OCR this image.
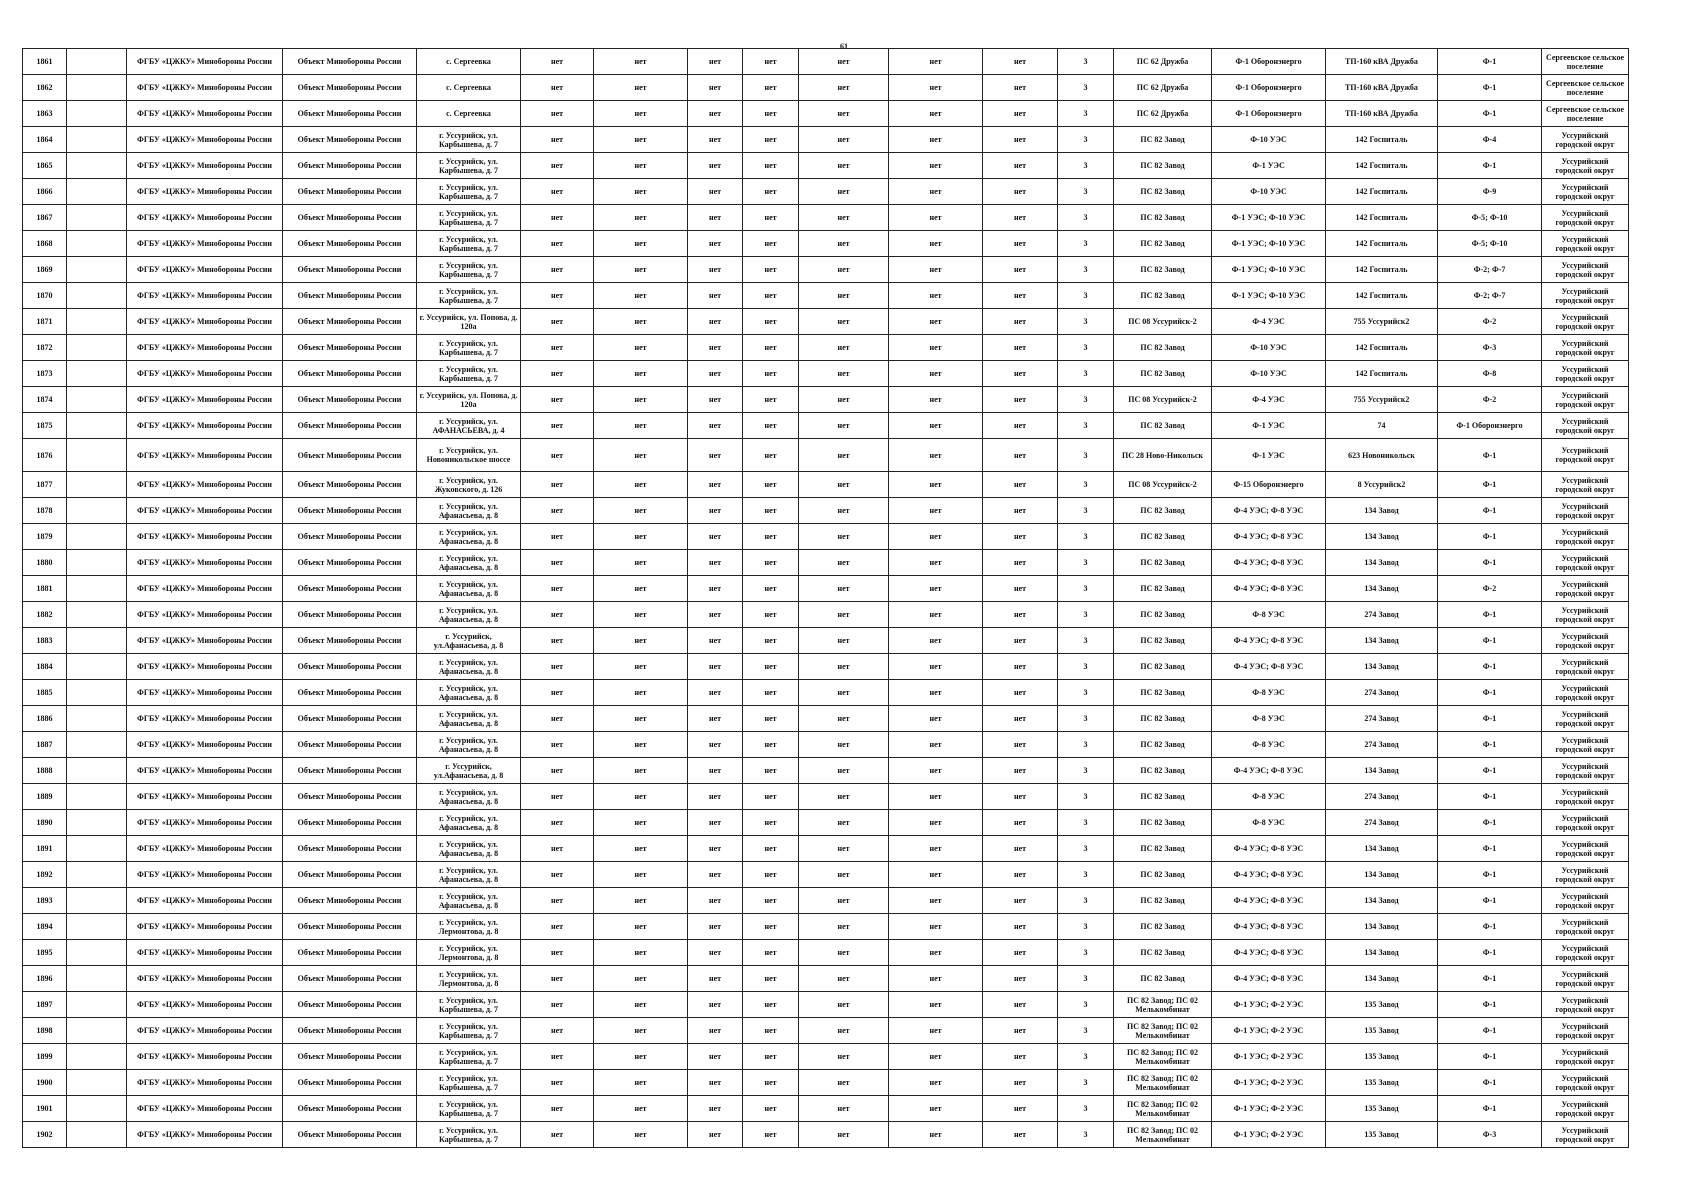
61
1861		ФГБУ «ЦЖКУ» Минобороны России	Объект Минобороны России	с. Сергеевка	нет	нет	нет	нет	нет	нет	нет	3	ПС 62 Дружба	Ф-1 Оборонэнерго	ТП-160 кВА Дружба	Ф-1	Сергеевское сельское поселение
1862		ФГБУ «ЦЖКУ» Минобороны России	Объект Минобороны России	с. Сергеевка	нет	нет	нет	нет	нет	нет	нет	3	ПС 62 Дружба	Ф-1 Оборонэнерго	ТП-160 кВА Дружба	Ф-1	Сергеевское сельское поселение
1863		ФГБУ «ЦЖКУ» Минобороны России	Объект Минобороны России	с. Сергеевка	нет	нет	нет	нет	нет	нет	нет	3	ПС 62 Дружба	Ф-1 Оборонэнерго	ТП-160 кВА Дружба	Ф-1	Сергеевское сельское поселение
1864		ФГБУ «ЦЖКУ» Минобороны России	Объект Минобороны России	г. Уссурийск, ул. Карбышева, д. 7	нет	нет	нет	нет	нет	нет	нет	3	ПС 82 Завод	Ф-10 УЭС	142 Госпиталь	Ф-4	Уссурийский городской округ
1865		ФГБУ «ЦЖКУ» Минобороны России	Объект Минобороны России	г. Уссурийск, ул. Карбышева, д. 7	нет	нет	нет	нет	нет	нет	нет	3	ПС 82 Завод	Ф-1 УЭС	142 Госпиталь	Ф-1	Уссурийский городской округ
1866		ФГБУ «ЦЖКУ» Минобороны России	Объект Минобороны России	г. Уссурийск, ул. Карбышева, д. 7	нет	нет	нет	нет	нет	нет	нет	3	ПС 82 Завод	Ф-10 УЭС	142 Госпиталь	Ф-9	Уссурийский городской округ
1867		ФГБУ «ЦЖКУ» Минобороны России	Объект Минобороны России	г. Уссурийск, ул. Карбышева, д. 7	нет	нет	нет	нет	нет	нет	нет	3	ПС 82 Завод	Ф-1 УЭС; Ф-10 УЭС	142 Госпиталь	Ф-5; Ф-10	Уссурийский городской округ
1868		ФГБУ «ЦЖКУ» Минобороны России	Объект Минобороны России	г. Уссурийск, ул. Карбышева, д. 7	нет	нет	нет	нет	нет	нет	нет	3	ПС 82 Завод	Ф-1 УЭС; Ф-10 УЭС	142 Госпиталь	Ф-5; Ф-10	Уссурийский городской округ
1869		ФГБУ «ЦЖКУ» Минобороны России	Объект Минобороны России	г. Уссурийск, ул. Карбышева, д. 7	нет	нет	нет	нет	нет	нет	нет	3	ПС 82 Завод	Ф-1 УЭС; Ф-10 УЭС	142 Госпиталь	Ф-2; Ф-7	Уссурийский городской округ
1870		ФГБУ «ЦЖКУ» Минобороны России	Объект Минобороны России	г. Уссурийск, ул. Карбышева, д. 7	нет	нет	нет	нет	нет	нет	нет	3	ПС 82 Завод	Ф-1 УЭС; Ф-10 УЭС	142 Госпиталь	Ф-2; Ф-7	Уссурийский городской округ
1871		ФГБУ «ЦЖКУ» Минобороны России	Объект Минобороны России	г. Уссурийск, ул. Попова, д. 120а	нет	нет	нет	нет	нет	нет	нет	3	ПС 08 Уссурийск-2	Ф-4 УЭС	755 Уссурийск2	Ф-2	Уссурийский городской округ
1872		ФГБУ «ЦЖКУ» Минобороны России	Объект Минобороны России	г. Уссурийск, ул. Карбышева, д. 7	нет	нет	нет	нет	нет	нет	нет	3	ПС 82 Завод	Ф-10 УЭС	142 Госпиталь	Ф-3	Уссурийский городской округ
1873		ФГБУ «ЦЖКУ» Минобороны России	Объект Минобороны России	г. Уссурийск, ул. Карбышева, д. 7	нет	нет	нет	нет	нет	нет	нет	3	ПС 82 Завод	Ф-10 УЭС	142 Госпиталь	Ф-8	Уссурийский городской округ
1874		ФГБУ «ЦЖКУ» Минобороны России	Объект Минобороны России	г. Уссурийск, ул. Попова, д. 120а	нет	нет	нет	нет	нет	нет	нет	3	ПС 08 Уссурийск-2	Ф-4 УЭС	755 Уссурийск2	Ф-2	Уссурийский городской округ
1875		ФГБУ «ЦЖКУ» Минобороны России	Объект Минобороны России	г. Уссурийск, ул. АФАНАСЬЕВА, д. 4	нет	нет	нет	нет	нет	нет	нет	3	ПС 82 Завод	Ф-1 УЭС	74	Ф-1 Оборонэнерго	Уссурийский городской округ
1876		ФГБУ «ЦЖКУ» Минобороны России	Объект Минобороны России	г. Уссурийск, ул. Новоникольское шоссе	нет	нет	нет	нет	нет	нет	нет	3	ПС 28 Ново-Никольск	Ф-1 УЭС	623 Новоникольск	Ф-1	Уссурийский городской округ
1877		ФГБУ «ЦЖКУ» Минобороны России	Объект Минобороны России	г. Уссурийск, ул. Жуковского, д. 126	нет	нет	нет	нет	нет	нет	нет	3	ПС 08 Уссурийск-2	Ф-15 Оборонэнерго	8 Уссурийск2	Ф-1	Уссурийский городской округ
1878		ФГБУ «ЦЖКУ» Минобороны России	Объект Минобороны России	г. Уссурийск, ул. Афанасьева, д. 8	нет	нет	нет	нет	нет	нет	нет	3	ПС 82 Завод	Ф-4 УЭС; Ф-8 УЭС	134 Завод	Ф-1	Уссурийский городской округ
1879		ФГБУ «ЦЖКУ» Минобороны России	Объект Минобороны России	г. Уссурийск, ул. Афанасьева, д. 8	нет	нет	нет	нет	нет	нет	нет	3	ПС 82 Завод	Ф-4 УЭС; Ф-8 УЭС	134 Завод	Ф-1	Уссурийский городской округ
1880		ФГБУ «ЦЖКУ» Минобороны России	Объект Минобороны России	г. Уссурийск, ул. Афанасьева, д. 8	нет	нет	нет	нет	нет	нет	нет	3	ПС 82 Завод	Ф-4 УЭС; Ф-8 УЭС	134 Завод	Ф-1	Уссурийский городской округ
1881		ФГБУ «ЦЖКУ» Минобороны России	Объект Минобороны России	г. Уссурийск, ул. Афанасьева, д. 8	нет	нет	нет	нет	нет	нет	нет	3	ПС 82 Завод	Ф-4 УЭС; Ф-8 УЭС	134 Завод	Ф-2	Уссурийский городской округ
1882		ФГБУ «ЦЖКУ» Минобороны России	Объект Минобороны России	г. Уссурийск, ул. Афанасьева, д. 8	нет	нет	нет	нет	нет	нет	нет	3	ПС 82 Завод	Ф-8 УЭС	274 Завод	Ф-1	Уссурийский городской округ
1883		ФГБУ «ЦЖКУ» Минобороны России	Объект Минобороны России	г. Уссурийск, ул.Афанасьева, д. 8	нет	нет	нет	нет	нет	нет	нет	3	ПС 82 Завод	Ф-4 УЭС; Ф-8 УЭС	134 Завод	Ф-1	Уссурийский городской округ
1884		ФГБУ «ЦЖКУ» Минобороны России	Объект Минобороны России	г. Уссурийск, ул. Афанасьева, д. 8	нет	нет	нет	нет	нет	нет	нет	3	ПС 82 Завод	Ф-4 УЭС; Ф-8 УЭС	134 Завод	Ф-1	Уссурийский городской округ
1885		ФГБУ «ЦЖКУ» Минобороны России	Объект Минобороны России	г. Уссурийск, ул. Афанасьева, д. 8	нет	нет	нет	нет	нет	нет	нет	3	ПС 82 Завод	Ф-8 УЭС	274 Завод	Ф-1	Уссурийский городской округ
1886		ФГБУ «ЦЖКУ» Минобороны России	Объект Минобороны России	г. Уссурийск, ул. Афанасьева, д. 8	нет	нет	нет	нет	нет	нет	нет	3	ПС 82 Завод	Ф-8 УЭС	274 Завод	Ф-1	Уссурийский городской округ
1887		ФГБУ «ЦЖКУ» Минобороны России	Объект Минобороны России	г. Уссурийск, ул. Афанасьева, д. 8	нет	нет	нет	нет	нет	нет	нет	3	ПС 82 Завод	Ф-8 УЭС	274 Завод	Ф-1	Уссурийский городской округ
1888		ФГБУ «ЦЖКУ» Минобороны России	Объект Минобороны России	г. Уссурийск, ул.Афанасьева, д. 8	нет	нет	нет	нет	нет	нет	нет	3	ПС 82 Завод	Ф-4 УЭС; Ф-8 УЭС	134 Завод	Ф-1	Уссурийский городской округ
1889		ФГБУ «ЦЖКУ» Минобороны России	Объект Минобороны России	г. Уссурийск, ул. Афанасьева, д. 8	нет	нет	нет	нет	нет	нет	нет	3	ПС 82 Завод	Ф-8 УЭС	274 Завод	Ф-1	Уссурийский городской округ
1890		ФГБУ «ЦЖКУ» Минобороны России	Объект Минобороны России	г. Уссурийск, ул. Афанасьева, д. 8	нет	нет	нет	нет	нет	нет	нет	3	ПС 82 Завод	Ф-8 УЭС	274 Завод	Ф-1	Уссурийский городской округ
1891		ФГБУ «ЦЖКУ» Минобороны России	Объект Минобороны России	г. Уссурийск, ул. Афанасьева, д. 8	нет	нет	нет	нет	нет	нет	нет	3	ПС 82 Завод	Ф-4 УЭС; Ф-8 УЭС	134 Завод	Ф-1	Уссурийский городской округ
1892		ФГБУ «ЦЖКУ» Минобороны России	Объект Минобороны России	г. Уссурийск, ул. Афанасьева, д. 8	нет	нет	нет	нет	нет	нет	нет	3	ПС 82 Завод	Ф-4 УЭС; Ф-8 УЭС	134 Завод	Ф-1	Уссурийский городской округ
1893		ФГБУ «ЦЖКУ» Минобороны России	Объект Минобороны России	г. Уссурийск, ул. Афанасьева, д. 8	нет	нет	нет	нет	нет	нет	нет	3	ПС 82 Завод	Ф-4 УЭС; Ф-8 УЭС	134 Завод	Ф-1	Уссурийский городской округ
1894		ФГБУ «ЦЖКУ» Минобороны России	Объект Минобороны России	г. Уссурийск, ул. Лермонтова, д. 8	нет	нет	нет	нет	нет	нет	нет	3	ПС 82 Завод	Ф-4 УЭС; Ф-8 УЭС	134 Завод	Ф-1	Уссурийский городской округ
1895		ФГБУ «ЦЖКУ» Минобороны России	Объект Минобороны России	г. Уссурийск, ул. Лермонтова, д. 8	нет	нет	нет	нет	нет	нет	нет	3	ПС 82 Завод	Ф-4 УЭС; Ф-8 УЭС	134 Завод	Ф-1	Уссурийский городской округ
1896		ФГБУ «ЦЖКУ» Минобороны России	Объект Минобороны России	г. Уссурийск, ул. Лермонтова, д. 8	нет	нет	нет	нет	нет	нет	нет	3	ПС 82 Завод	Ф-4 УЭС; Ф-8 УЭС	134 Завод	Ф-1	Уссурийский городской округ
1897		ФГБУ «ЦЖКУ» Минобороны России	Объект Минобороны России	г. Уссурийск, ул. Карбышева, д. 7	нет	нет	нет	нет	нет	нет	нет	3	ПС 82 Завод; ПС 02 Мелькомбинат	Ф-1 УЭС; Ф-2 УЭС	135 Завод	Ф-1	Уссурийский городской округ
1898		ФГБУ «ЦЖКУ» Минобороны России	Объект Минобороны России	г. Уссурийск, ул. Карбышева, д. 7	нет	нет	нет	нет	нет	нет	нет	3	ПС 82 Завод; ПС 02 Мелькомбинат	Ф-1 УЭС; Ф-2 УЭС	135 Завод	Ф-1	Уссурийский городской округ
1899		ФГБУ «ЦЖКУ» Минобороны России	Объект Минобороны России	г. Уссурийск, ул. Карбышева, д. 7	нет	нет	нет	нет	нет	нет	нет	3	ПС 82 Завод; ПС 02 Мелькомбинат	Ф-1 УЭС; Ф-2 УЭС	135 Завод	Ф-1	Уссурийский городской округ
1900		ФГБУ «ЦЖКУ» Минобороны России	Объект Минобороны России	г. Уссурийск, ул. Карбышева, д. 7	нет	нет	нет	нет	нет	нет	нет	3	ПС 82 Завод; ПС 02 Мелькомбинат	Ф-1 УЭС; Ф-2 УЭС	135 Завод	Ф-1	Уссурийский городской округ
1901		ФГБУ «ЦЖКУ» Минобороны России	Объект Минобороны России	г. Уссурийск, ул. Карбышева, д. 7	нет	нет	нет	нет	нет	нет	нет	3	ПС 82 Завод; ПС 02 Мелькомбинат	Ф-1 УЭС; Ф-2 УЭС	135 Завод	Ф-1	Уссурийский городской округ
1902		ФГБУ «ЦЖКУ» Минобороны России	Объект Минобороны России	г. Уссурийск, ул. Карбышева, д. 7	нет	нет	нет	нет	нет	нет	нет	3	ПС 82 Завод; ПС 02 Мелькомбинат	Ф-1 УЭС; Ф-2 УЭС	135 Завод	Ф-3	Уссурийский городской округ
